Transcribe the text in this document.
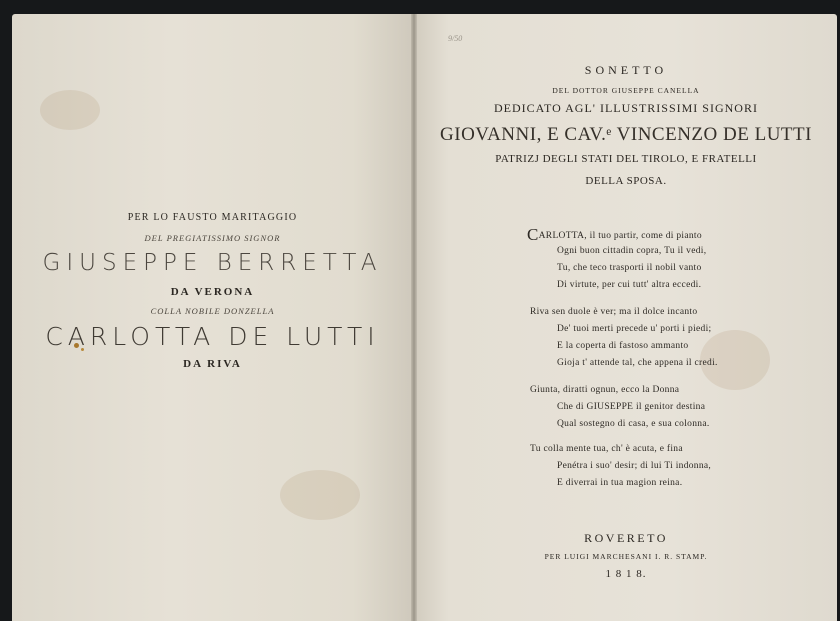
PER LO FAUSTO MARITAGGIO
DEL PREGIATISSIMO SIGNOR
GIUSEPPE BERRETTA
DA VERONA
COLLA NOBILE DONZELLA
CARLOTTA DE LUTTI
DA RIVA
9/50
SONETTO
DEL DOTTOR GIUSEPPE CANELLA
DEDICATO AGL' ILLUSTRISSIMI SIGNORI
GIOVANNI, E CAV.ᵉ VINCENZO DE LUTTI
PATRIZJ DEGLI STATI DEL TIROLO, E FRATELLI
DELLA SPOSA.
CARLOTTA, il tuo partir, come di pianto
Ogni buon cittadin copra, Tu il vedi,
Tu, che teco trasporti il nobil vanto
Di virtute, per cui tutt' altra eccedi.
Riva sen duole è ver; ma il dolce incanto
De' tuoi merti precede u' porti i piedi;
E la coperta di fastoso ammanto
Gioja t' attende tal, che appena il credi.
Giunta, diratti ognun, ecco la Donna
Che di GIUSEPPE il genitor destina
Qual sostegno di casa, e sua colonna.
Tu colla mente tua, ch' è acuta, e fina
Penétra i suo' desir; di lui Ti indonna,
E diverrai in tua magion reina.
ROVERETO
PER LUIGI MARCHESANI I. R. STAMP.
1 8 1 8.
